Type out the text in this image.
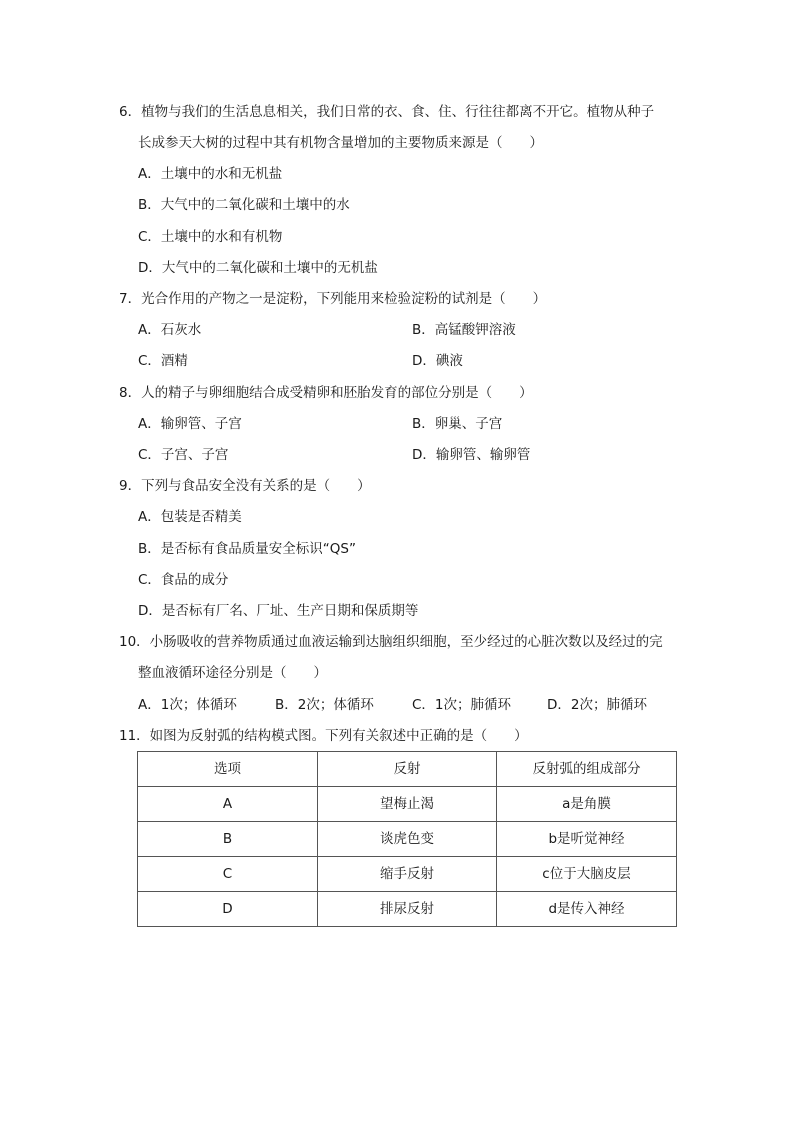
6．植物与我们的生活息息相关，我们日常的衣、食、住、行往往都离不开它。植物从种子
长成参天大树的过程中其有机物含量增加的主要物质来源是（　　）
A．土壤中的水和无机盐
B．大气中的二氧化碳和土壤中的水
C．土壤中的水和有机物
D．大气中的二氧化碳和土壤中的无机盐
7．光合作用的产物之一是淀粉，下列能用来检验淀粉的试剂是（　　）
A．石灰水	B．高锰酸钾溶液
C．酒精	D．碘液
8．人的精子与卵细胞结合成受精卵和胚胎发育的部位分别是（　　）
A．输卵管、子宫	B．卵巢、子宫
C．子宫、子宫	D．输卵管、输卵管
9．下列与食品安全没有关系的是（　　）
A．包装是否精美
B．是否标有食品质量安全标识“QS”
C．食品的成分
D．是否标有厂名、厂址、生产日期和保质期等
10．小肠吸收的营养物质通过血液运输到达脑组织细胞，至少经过的心脏次数以及经过的完
整血液循环途径分别是（　　）
A．1次；体循环	B．2次；体循环	C．1次；肺循环	D．2次；肺循环
11．如图为反射弧的结构模式图。下列有关叙述中正确的是（　　）
选项	反射	反射弧的组成部分
A	望梅止渴	a是角膜
B	谈虎色变	b是听觉神经
C	缩手反射	c位于大脑皮层
D	排尿反射	d是传入神经
